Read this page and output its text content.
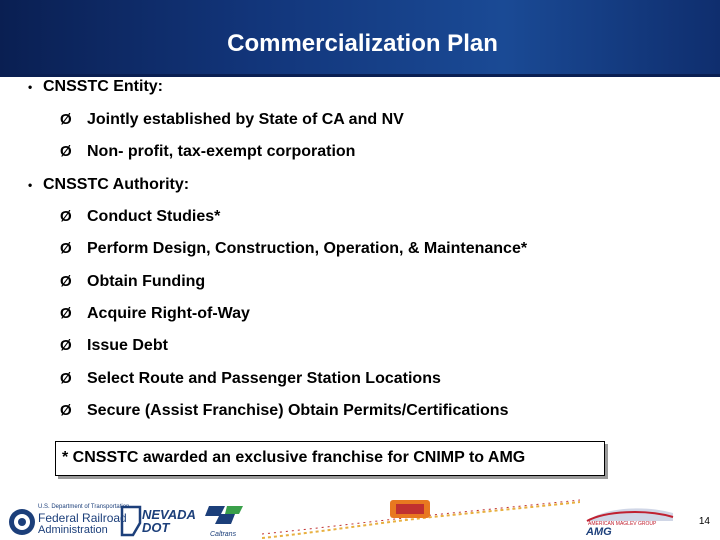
Commercialization Plan
• CNSSTC Entity:
Ø Jointly established by State of CA and NV
Ø Non- profit, tax-exempt corporation
• CNSSTC Authority:
Ø Conduct Studies*
Ø Perform Design, Construction, Operation, & Maintenance*
Ø Obtain Funding
Ø Acquire Right-of-Way
Ø Issue Debt
Ø Select Route and Passenger Station Locations
Ø Secure (Assist Franchise) Obtain Permits/Certifications
* CNSSTC awarded an exclusive franchise for CNIMP to AMG
U.S. Department of Transportation
Federal Railroad
Administration
NEVADA
DOT	Caltrans
AMERICAN MAGLEV GROUP
AMG
14
